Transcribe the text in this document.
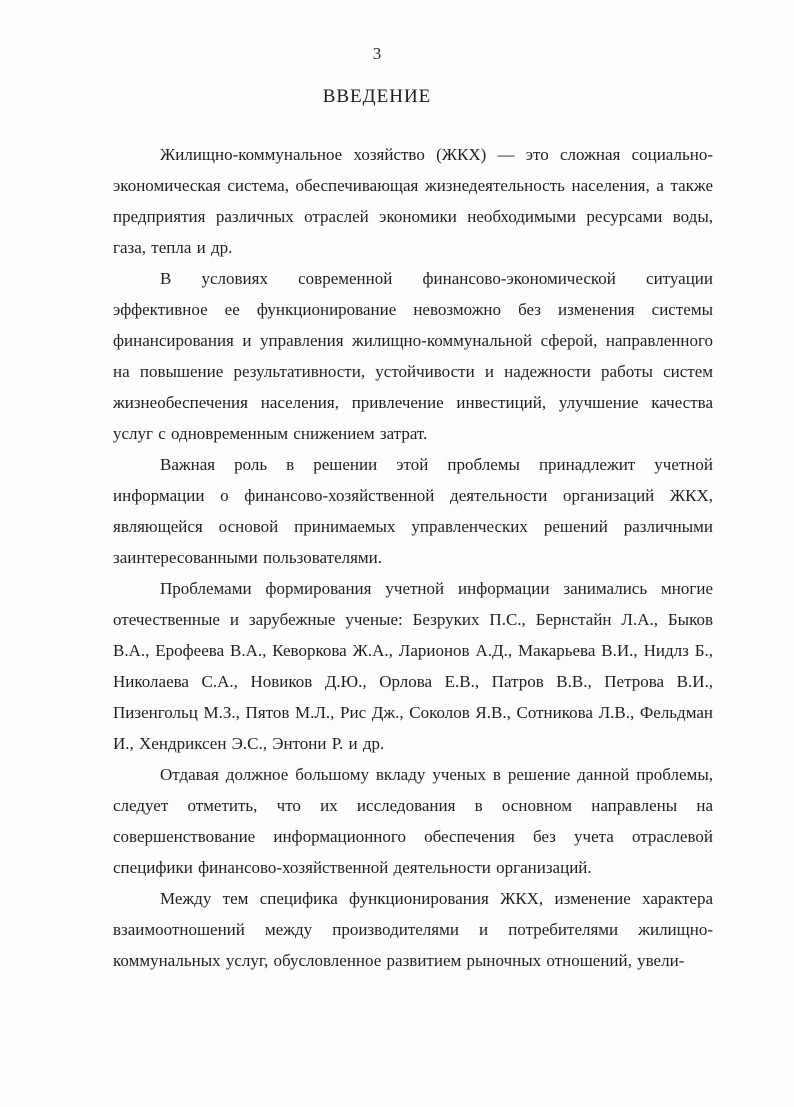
3
ВВЕДЕНИЕ

Жилищно-коммунальное хозяйство (ЖКХ) — это сложная социально-экономическая система, обеспечивающая жизнедеятельность населения, а также предприятия различных отраслей экономики необходимыми ресурсами воды, газа, тепла и др.

В условиях современной финансово-экономической ситуации эффективное ее функционирование невозможно без изменения системы финансирования и управления жилищно-коммунальной сферой, направленного на повышение результативности, устойчивости и надежности работы систем жизнеобеспечения населения, привлечение инвестиций, улучшение качества услуг с одновременным снижением затрат.

Важная роль в решении этой проблемы принадлежит учетной информации о финансово-хозяйственной деятельности организаций ЖКХ, являющейся основой принимаемых управленческих решений различными заинтересованными пользователями.

Проблемами формирования учетной информации занимались многие отечественные и зарубежные ученые: Безруких П.С., Бернстайн Л.А., Быков В.А., Ерофеева В.А., Кеворкова Ж.А., Ларионов А.Д., Макарьева В.И., Нидлз Б., Николаева С.А., Новиков Д.Ю., Орлова Е.В., Патров В.В., Петрова В.И., Пизенгольц М.З., Пятов М.Л., Рис Дж., Соколов Я.В., Сотникова Л.В., Фельдман И., Хендриксен Э.С., Энтони Р. и др.

Отдавая должное большому вкладу ученых в решение данной проблемы, следует отметить, что их исследования в основном направлены на совершенствование информационного обеспечения без учета отраслевой специфики финансово-хозяйственной деятельности организаций.

Между тем специфика функционирования ЖКХ, изменение характера взаимоотношений между производителями и потребителями жилищно-коммунальных услуг, обусловленное развитием рыночных отношений, увели-
